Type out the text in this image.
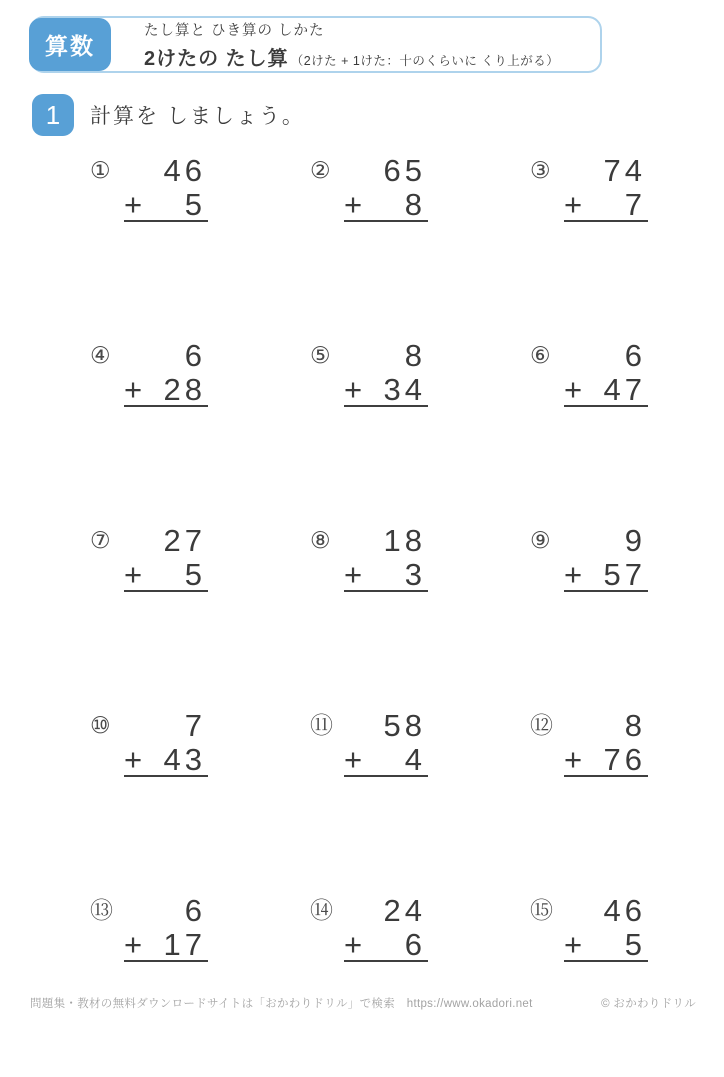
算数
たし算と ひき算の しかた
2けたの たし算 （2けた + 1けた：十のくらいに くり上がる）
1	計算を しましょう。
①	46
+ 5
②	65
+ 8
③	74
+ 7
④	6
+ 28
⑤	8
+ 34
⑥	6
+ 47
⑦	27
+ 5
⑧	18
+ 3
⑨	9
+ 57
⑩	7
+ 43
⑪	58
+ 4
⑫	8
+ 76
⑬	6
+ 17
⑭	24
+ 6
⑮	46
+ 5
問題集・教材の無料ダウンロードサイトは「おかわりドリル」で検索　https://www.okadori.net	© おかわりドリル
